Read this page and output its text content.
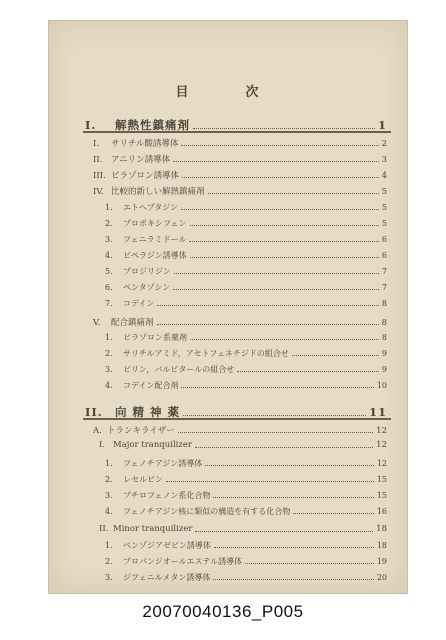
目　次
I.	解熱性鎮痛剤	1
I.	サリチル酸誘導体	2
II.	アニリン誘導体	3
III. ピラゾロン誘導体	4
IV. 比較的新しい解熱鎮痛剤	5
1.	エトヘプタジン	5
2.	プロポキシフェン	5
3.	フェニラミドール	6
4.	ピペラジン誘導体	6
5.	プロジリジン	7
6.	ペンタゾシン	7
7.	コデイン	8
V.	配合鎮痛剤	8
1.	ピラゾロン系薬剤	8
2.	サリチルアミド，アセトフェネチジドの組合せ	9
3.	ピリン，バルビタールの組合せ	9
4.	コデイン配合剤	10
II.	向 精 神 薬	11
A. トランキライザー	12
I. Major tranquilizer	12
1.	フェノチアジン誘導体	12
2.	レセルピン	15
3.	ブチロフェノン系化合物	15
4.	フェノチアジン核に類似の構造を有する化合物	16
II. Minor tranquilizer	18
1.	ベンゾジアゼピン誘導体	18
2.	プロパンジオールエステル誘導体	19
3.	ジフェニルメタン誘導体	20
20070040136_P005
